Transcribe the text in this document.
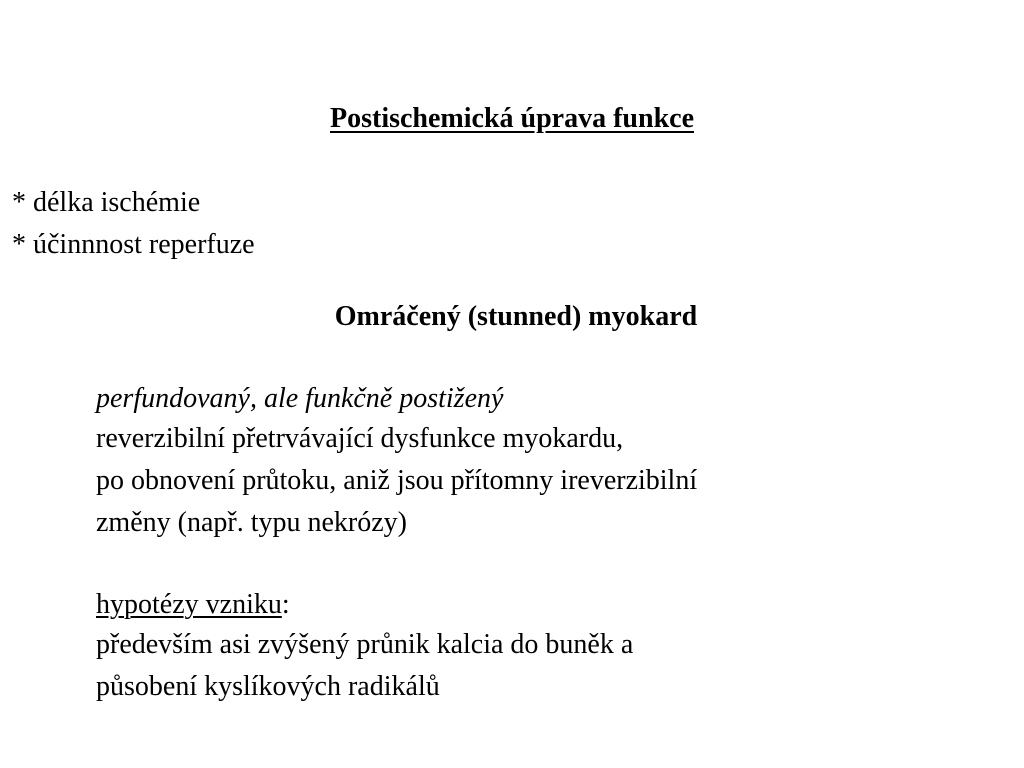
Postischemická úprava funkce
* délka ischémie
* účinnnost reperfuze
Omráčený (stunned) myokard
perfundovaný, ale funkčně postižený
reverzibilní přetrvávající dysfunkce myokardu,
po obnovení průtoku, aniž jsou přítomny ireverzibilní
změny (např. typu nekrózy)
hypotézy vzniku:
především asi zvýšený průnik kalcia do buněk a
působení kyslíkových radikálů
